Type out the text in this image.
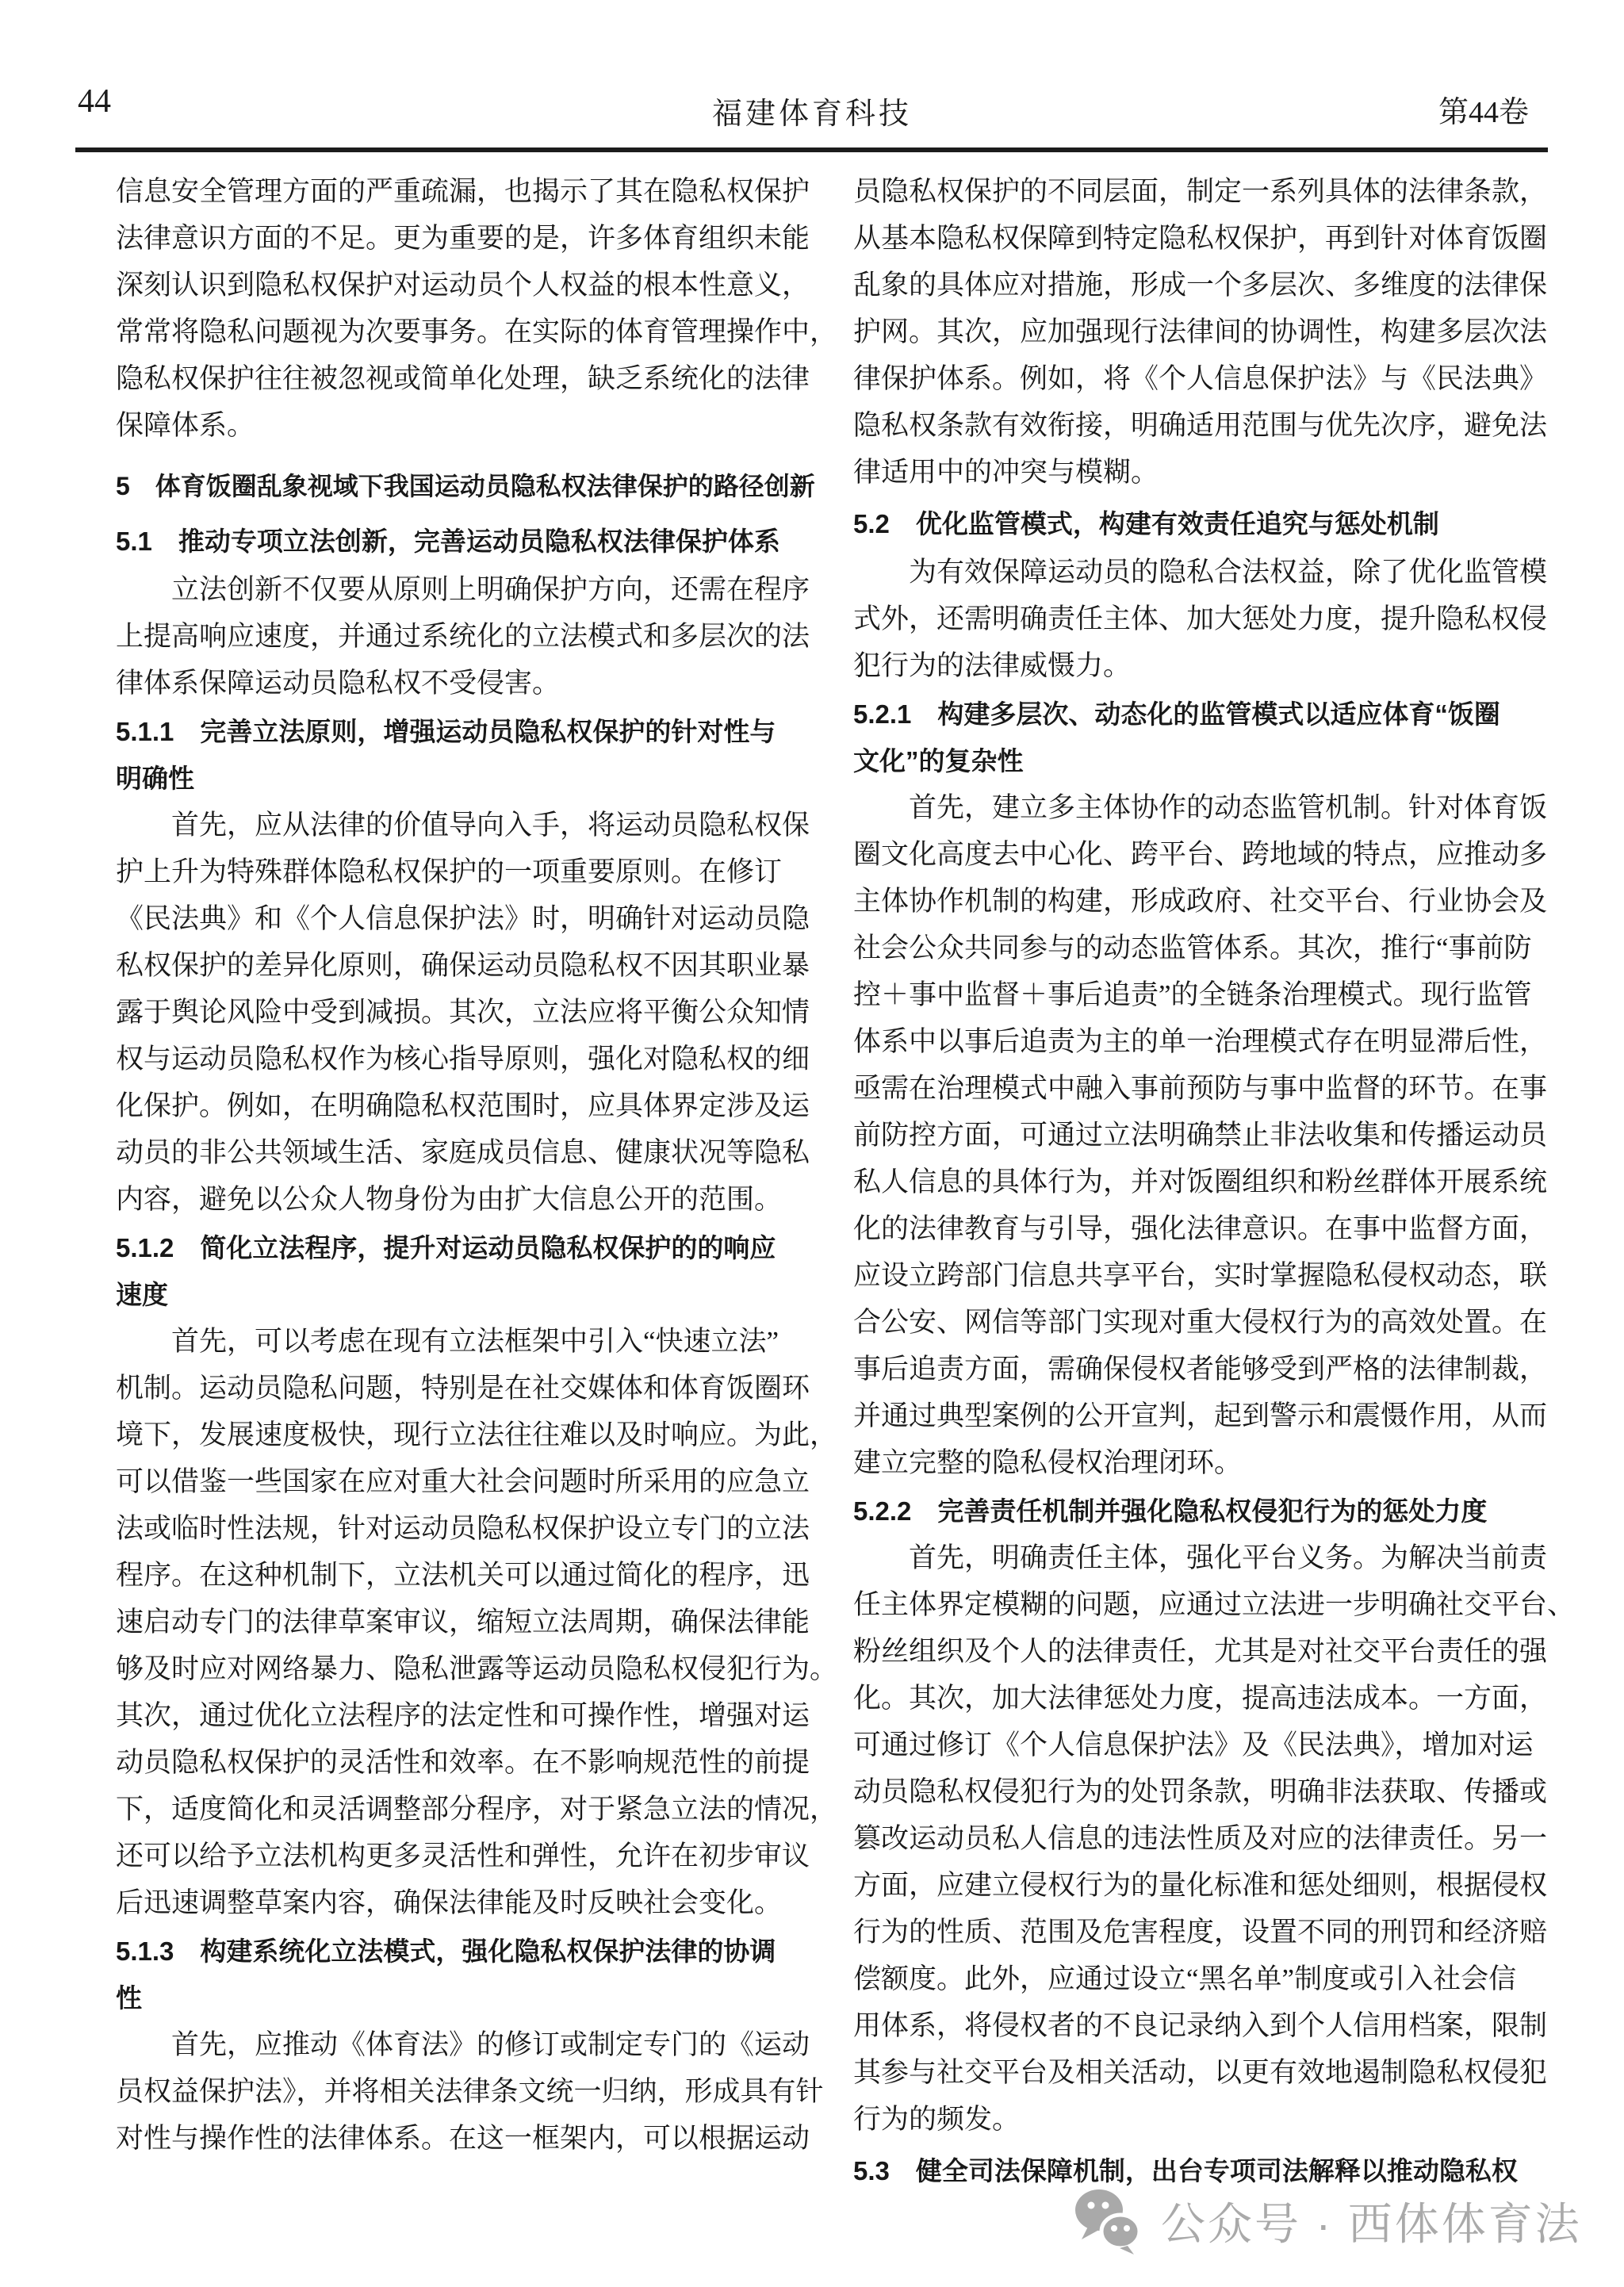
44	福建体育科技	第44卷
信息安全管理方面的严重疏漏，也揭示了其在隐私权保护
法律意识方面的不足。更为重要的是，许多体育组织未能
深刻认识到隐私权保护对运动员个人权益的根本性意义，
常常将隐私问题视为次要事务。在实际的体育管理操作中，
隐私权保护往往被忽视或简单化处理，缺乏系统化的法律
保障体系。
5　体育饭圈乱象视域下我国运动员隐私权法律保护的路径创新
5.1　推动专项立法创新，完善运动员隐私权法律保护体系
立法创新不仅要从原则上明确保护方向，还需在程序
上提高响应速度，并通过系统化的立法模式和多层次的法
律体系保障运动员隐私权不受侵害。
5.1.1　完善立法原则，增强运动员隐私权保护的针对性与
明确性
首先，应从法律的价值导向入手，将运动员隐私权保
护上升为特殊群体隐私权保护的一项重要原则。在修订
《民法典》和《个人信息保护法》时，明确针对运动员隐
私权保护的差异化原则，确保运动员隐私权不因其职业暴
露于舆论风险中受到减损。其次，立法应将平衡公众知情
权与运动员隐私权作为核心指导原则，强化对隐私权的细
化保护。例如，在明确隐私权范围时，应具体界定涉及运
动员的非公共领域生活、家庭成员信息、健康状况等隐私
内容，避免以公众人物身份为由扩大信息公开的范围。
5.1.2　简化立法程序，提升对运动员隐私权保护的的响应
速度
首先，可以考虑在现有立法框架中引入“快速立法”
机制。运动员隐私问题，特别是在社交媒体和体育饭圈环
境下，发展速度极快，现行立法往往难以及时响应。为此，
可以借鉴一些国家在应对重大社会问题时所采用的应急立
法或临时性法规，针对运动员隐私权保护设立专门的立法
程序。在这种机制下，立法机关可以通过简化的程序，迅
速启动专门的法律草案审议，缩短立法周期，确保法律能
够及时应对网络暴力、隐私泄露等运动员隐私权侵犯行为。
其次，通过优化立法程序的法定性和可操作性，增强对运
动员隐私权保护的灵活性和效率。在不影响规范性的前提
下，适度简化和灵活调整部分程序，对于紧急立法的情况，
还可以给予立法机构更多灵活性和弹性，允许在初步审议
后迅速调整草案内容，确保法律能及时反映社会变化。
5.1.3　构建系统化立法模式，强化隐私权保护法律的协调
性
首先，应推动《体育法》的修订或制定专门的《运动
员权益保护法》，并将相关法律条文统一归纳，形成具有针
对性与操作性的法律体系。在这一框架内，可以根据运动
员隐私权保护的不同层面，制定一系列具体的法律条款，
从基本隐私权保障到特定隐私权保护，再到针对体育饭圈
乱象的具体应对措施，形成一个多层次、多维度的法律保
护网。其次，应加强现行法律间的协调性，构建多层次法
律保护体系。例如，将《个人信息保护法》与《民法典》
隐私权条款有效衔接，明确适用范围与优先次序，避免法
律适用中的冲突与模糊。
5.2　优化监管模式，构建有效责任追究与惩处机制
为有效保障运动员的隐私合法权益，除了优化监管模
式外，还需明确责任主体、加大惩处力度，提升隐私权侵
犯行为的法律威慑力。
5.2.1　构建多层次、动态化的监管模式以适应体育“饭圈
文化”的复杂性
首先，建立多主体协作的动态监管机制。针对体育饭
圈文化高度去中心化、跨平台、跨地域的特点，应推动多
主体协作机制的构建，形成政府、社交平台、行业协会及
社会公众共同参与的动态监管体系。其次，推行“事前防
控＋事中监督＋事后追责”的全链条治理模式。现行监管
体系中以事后追责为主的单一治理模式存在明显滞后性，
亟需在治理模式中融入事前预防与事中监督的环节。在事
前防控方面，可通过立法明确禁止非法收集和传播运动员
私人信息的具体行为，并对饭圈组织和粉丝群体开展系统
化的法律教育与引导，强化法律意识。在事中监督方面，
应设立跨部门信息共享平台，实时掌握隐私侵权动态，联
合公安、网信等部门实现对重大侵权行为的高效处置。在
事后追责方面，需确保侵权者能够受到严格的法律制裁，
并通过典型案例的公开宣判，起到警示和震慑作用，从而
建立完整的隐私侵权治理闭环。
5.2.2　完善责任机制并强化隐私权侵犯行为的惩处力度
首先，明确责任主体，强化平台义务。为解决当前责
任主体界定模糊的问题，应通过立法进一步明确社交平台、
粉丝组织及个人的法律责任，尤其是对社交平台责任的强
化。其次，加大法律惩处力度，提高违法成本。一方面，
可通过修订《个人信息保护法》及《民法典》，增加对运
动员隐私权侵犯行为的处罚条款，明确非法获取、传播或
篡改运动员私人信息的违法性质及对应的法律责任。另一
方面，应建立侵权行为的量化标准和惩处细则，根据侵权
行为的性质、范围及危害程度，设置不同的刑罚和经济赔
偿额度。此外，应通过设立“黑名单”制度或引入社会信
用体系，将侵权者的不良记录纳入到个人信用档案，限制
其参与社交平台及相关活动，以更有效地遏制隐私权侵犯
行为的频发。
5.3　健全司法保障机制，出台专项司法解释以推动隐私权
公众号 · 西体体育法
